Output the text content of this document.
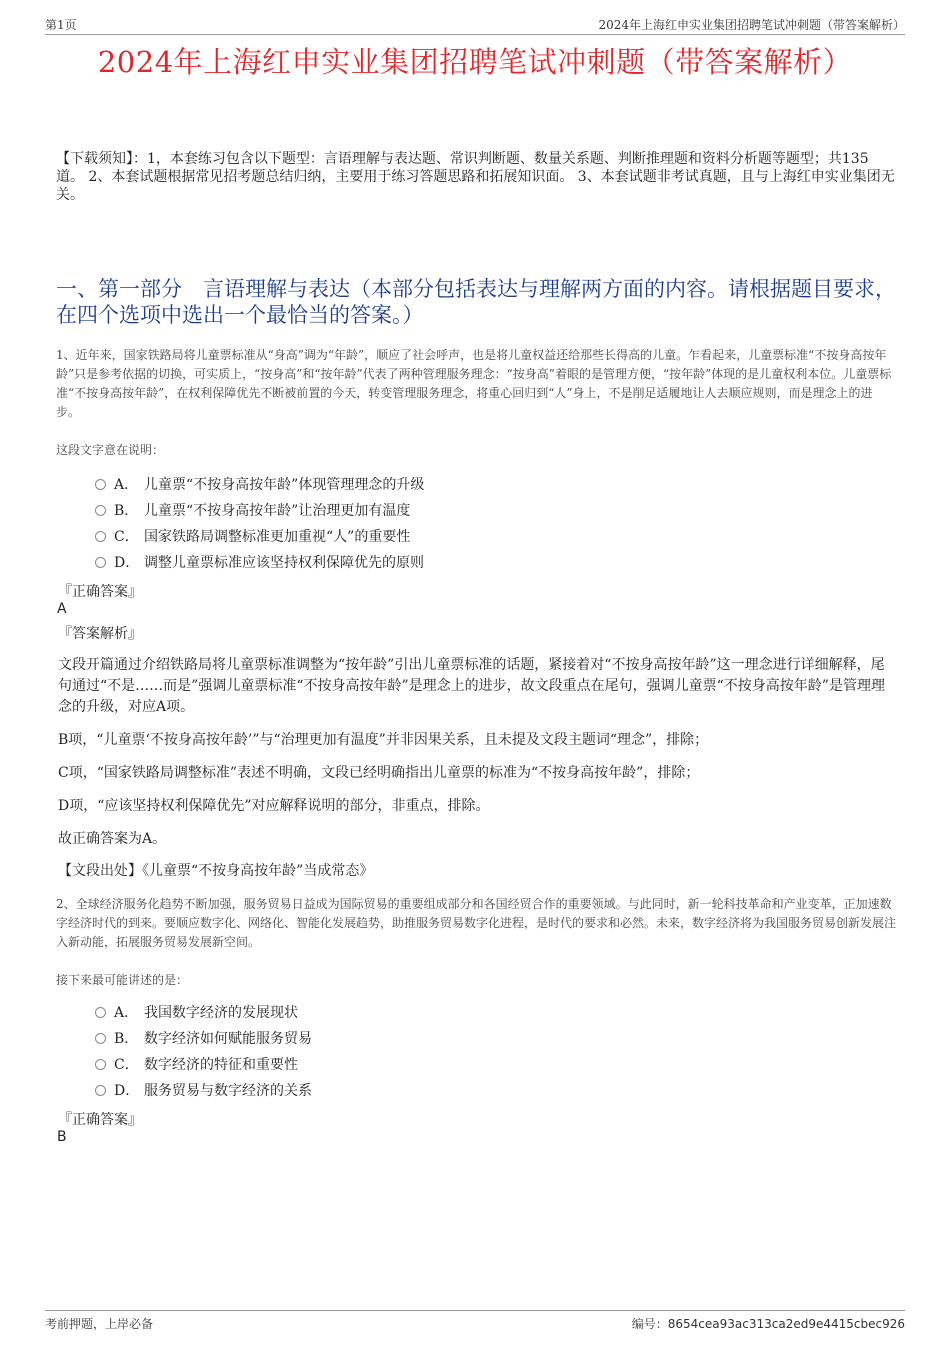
第1页	2024年上海红申实业集团招聘笔试冲刺题（带答案解析）
2024年上海红申实业集团招聘笔试冲刺题（带答案解析）
【下载须知】：1，本套练习包含以下题型：言语理解与表达题、常识判断题、数量关系题、判断推理题和资料分析题等题型；共135道。 2、本套试题根据常见招考题总结归纳，主要用于练习答题思路和拓展知识面。 3、本套试题非考试真题，且与上海红申实业集团无关。
一、第一部分　言语理解与表达（本部分包括表达与理解两方面的内容。请根据题目要求，在四个选项中选出一个最恰当的答案。）
1、近年来，国家铁路局将儿童票标准从“身高”调为“年龄”，顺应了社会呼声，也是将儿童权益还给那些长得高的儿童。乍看起来，儿童票标准“不按身高按年龄”只是参考依据的切换，可实质上，“按身高”和“按年龄”代表了两种管理服务理念：“按身高”着眼的是管理方便，“按年龄”体现的是儿童权利本位。儿童票标准“不按身高按年龄”，在权利保障优先不断被前置的今天，转变管理服务理念，将重心回归到“人”身上，不是削足适履地让人去顺应规则，而是理念上的进步。
这段文字意在说明：
A． 儿童票“不按身高按年龄”体现管理理念的升级
B． 儿童票“不按身高按年龄”让治理更加有温度
C． 国家铁路局调整标准更加重视“人”的重要性
D． 调整儿童票标准应该坚持权利保障优先的原则
『正确答案』
A
『答案解析』

文段开篇通过介绍铁路局将儿童票标准调整为“按年龄”引出儿童票标准的话题，紧接着对“不按身高按年龄”这一理念进行详细解释，尾句通过“不是……而是”强调儿童票标准“不按身高按年龄”是理念上的进步，故文段重点在尾句，强调儿童票“不按身高按年龄”是管理理念的升级，对应A项。

B项，“儿童票‘不按身高按年龄’”与“治理更加有温度”并非因果关系，且未提及文段主题词“理念”，排除；

C项，“国家铁路局调整标准”表述不明确，文段已经明确指出儿童票的标准为“不按身高按年龄”，排除；

D项，“应该坚持权利保障优先”对应解释说明的部分，非重点，排除。

故正确答案为A。

【文段出处】《儿童票“不按身高按年龄”当成常态》
2、全球经济服务化趋势不断加强，服务贸易日益成为国际贸易的重要组成部分和各国经贸合作的重要领域。与此同时，新一轮科技革命和产业变革，正加速数字经济时代的到来。要顺应数字化、网络化、智能化发展趋势，助推服务贸易数字化进程，是时代的要求和必然。未来，数字经济将为我国服务贸易创新发展注入新动能，拓展服务贸易发展新空间。
接下来最可能讲述的是：
A． 我国数字经济的发展现状
B． 数字经济如何赋能服务贸易
C． 数字经济的特征和重要性
D． 服务贸易与数字经济的关系
『正确答案』
B
考前押题，上岸必备	编号：8654cea93ac313ca2ed9e4415cbec926
